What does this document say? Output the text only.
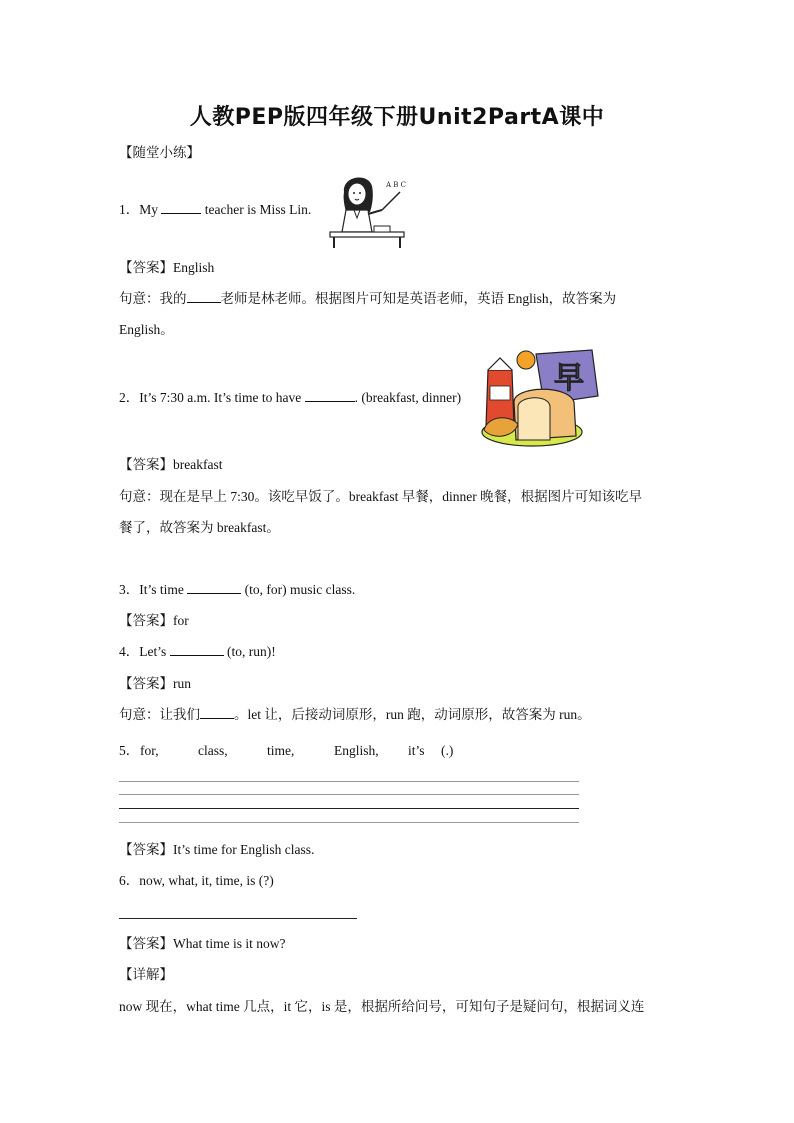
人教PEP版四年级下册Unit2PartA课中
【随堂小练】
1．My	teacher is Miss Lin.
A B C
【答案】English
句意：我的	老师是林老师。根据图片可知是英语老师，英语 English，故答案为
English。
2．It’s 7:30 a.m. It’s time to have	. (breakfast, dinner)
早
【答案】breakfast
句意：现在是早上 7:30。该吃早饭了。breakfast 早餐，dinner 晚餐，根据图片可知该吃早
餐了，故答案为 breakfast。
3．It’s time	(to, for) music class.
【答案】for
4．Let’s	(to, run)!
【答案】run
句意：让我们	。let 让，后接动词原形，run 跑，动词原形，故答案为 run。
5． for,	class,	time,	English, it’s (.)
【答案】It’s time for English class.
6．now, what, it, time, is (?)
【答案】What time is it now?
【详解】
now 现在，what time 几点，it 它，is 是，根据所给问号，可知句子是疑问句，根据词义连
